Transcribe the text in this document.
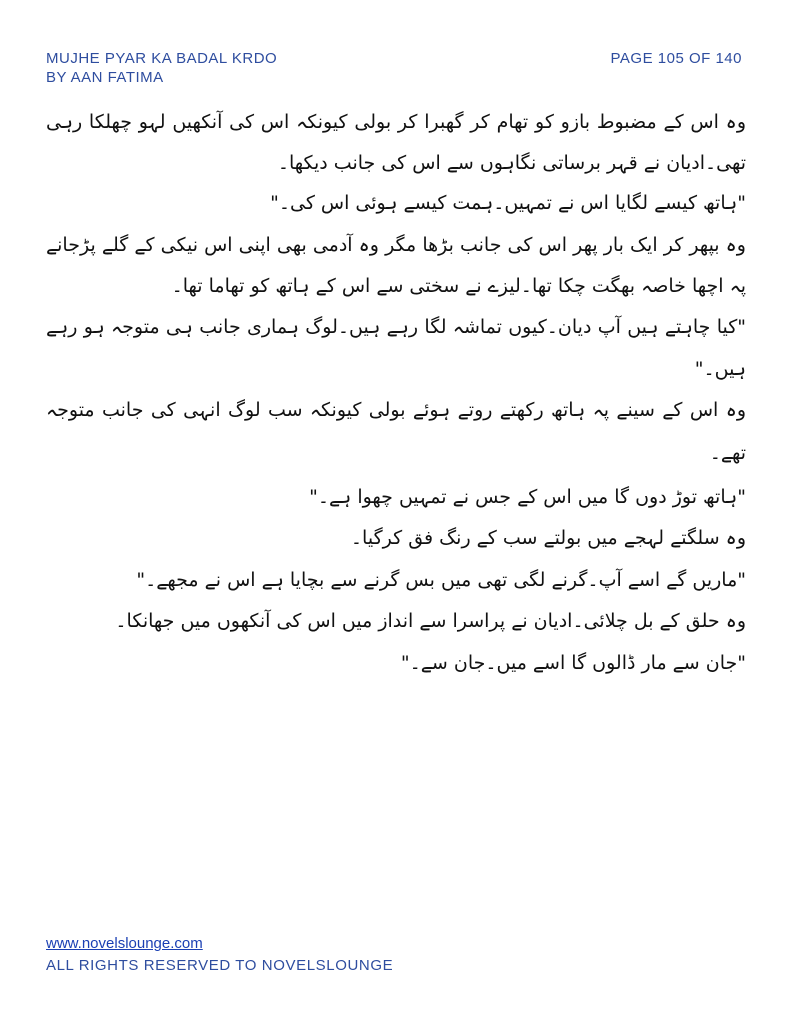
MUJHE PYAR KA BADAL KRDO
BY AAN FATIMA
PAGE 105 OF 140
وہ اس کے مضبوط بازو کو تھام کر گھبرا کر بولی کیونکہ اس کی آنکھیں لہو چھلکا رہی
تھی۔ادیان نے قہر برساتی نگاہوں سے اس کی جانب دیکھا۔
"ہاتھ کیسے لگایا اس نے تمہیں۔ہمت کیسے ہوئی اس کی۔"
وہ بپھر کر ایک بار پھر اس کی جانب بڑھا مگر وہ آدمی بھی اپنی اس نیکی کے گلے پڑجانے
پہ اچھا خاصہ بھگت چکا تھا۔لیزے نے سختی سے اس کے ہاتھ کو تھاما تھا۔
"کیا چاہتے ہیں آپ دیان۔کیوں تماشہ لگا رہے ہیں۔لوگ ہماری جانب ہی متوجہ ہو رہے
ہیں۔"
وہ اس کے سینے پہ ہاتھ رکھتے روتے ہوئے بولی کیونکہ سب لوگ انہی کی جانب متوجہ
تھے۔
"ہاتھ توڑ دوں گا میں اس کے جس نے تمہیں چھوا ہے۔"
وہ سلگتے لہجے میں بولتے سب کے رنگ فق کرگیا۔
"ماریں گے اسے آپ۔گرنے لگی تھی میں بس گرنے سے بچایا ہے اس نے مجھے۔"
وہ حلق کے بل چلائی۔ادیان نے پراسرا سے انداز میں اس کی آنکھوں میں جھانکا۔
"جان سے مار ڈالوں گا اسے میں۔جان سے۔"
www.novelslounge.com
ALL RIGHTS RESERVED TO NOVELSLOUNGE
